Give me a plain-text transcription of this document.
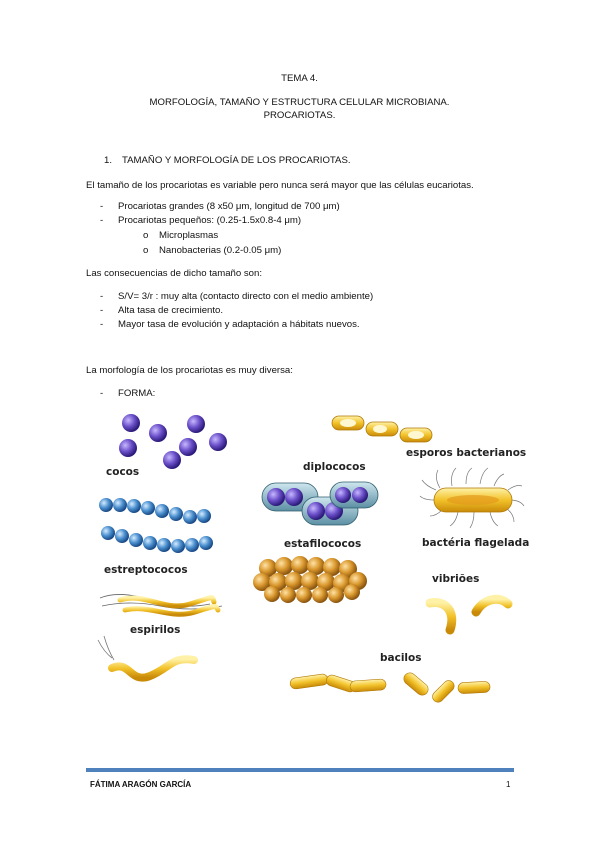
TEMA 4.
MORFOLOGÍA, TAMAÑO Y ESTRUCTURA CELULAR MICROBIANA.
PROCARIOTAS.
1. TAMAÑO Y MORFOLOGÍA DE LOS PROCARIOTAS.
El tamaño de los procariotas es variable pero nunca será mayor que las células eucariotas.
- Procariotas grandes (8 x50 μm, longitud de 700 μm)
- Procariotas pequeños: (0.25-1.5x0.8-4 μm)
o Microplasmas
o Nanobacterias (0.2-0.05 μm)
Las consecuencias de dicho tamaño son:
- S/V= 3/r : muy alta (contacto directo con el medio ambiente)
- Alta tasa de crecimiento.
- Mayor tasa de evolución y adaptación a hábitats nuevos.
La morfología de los procariotas es muy diversa:
- FORMA:
cocos
estreptococos
espirilos
diplococos
esporos bacterianos
estafilococos	bactéria flagelada
vibriões
bacilos
FÁTIMA ARAGÓN GARCÍA	1
